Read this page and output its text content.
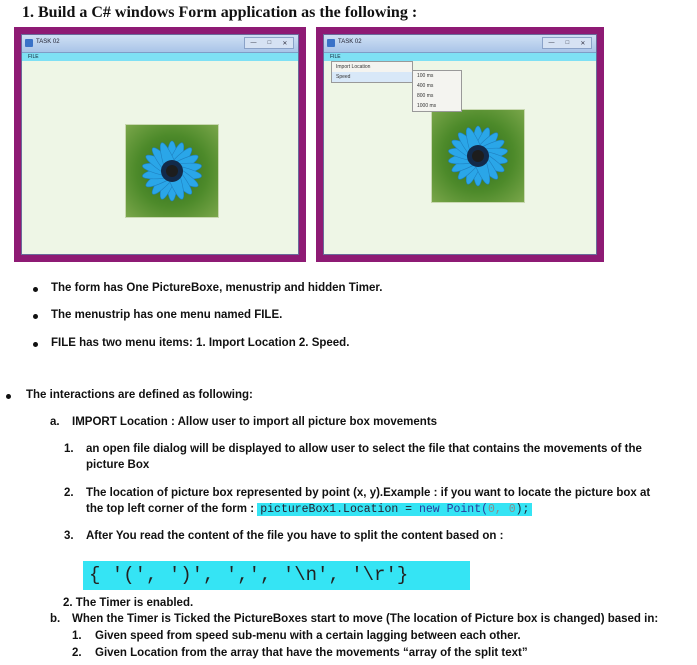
1. Build a C# windows Form application as the following :
TASK 02	— □ ✕
FILE
TASK 02	— □ ✕
FILE
Import Location
Speed	100 ms
400 ms
800 ms
1000 ms
The form has One PictureBoxe, menustrip and hidden Timer.
The menustrip has one menu named FILE.
FILE has two menu items: 1. Import Location 2. Speed.
The interactions are defined as following:
a. IMPORT Location : Allow user to import all picture box movements
1. an open file dialog will be displayed to allow user to select the file that contains the movements of the
picture Box
2. The location of picture box represented by point (x, y).Example : if you want to locate the picture box at
the top left corner of the form : pictureBox1.Location = new Point(0, 0);
3. After You read the content of the file you have to split the content based on :
{ '(', ')', ',', '\n', '\r'}
2. The Timer is enabled.
b. When the Timer is Ticked the PictureBoxes start to move (The location of Picture box is changed) based in:
1. Given speed from speed sub-menu with a certain lagging between each other.
2. Given Location from the array that have the movements “array of the split text”
